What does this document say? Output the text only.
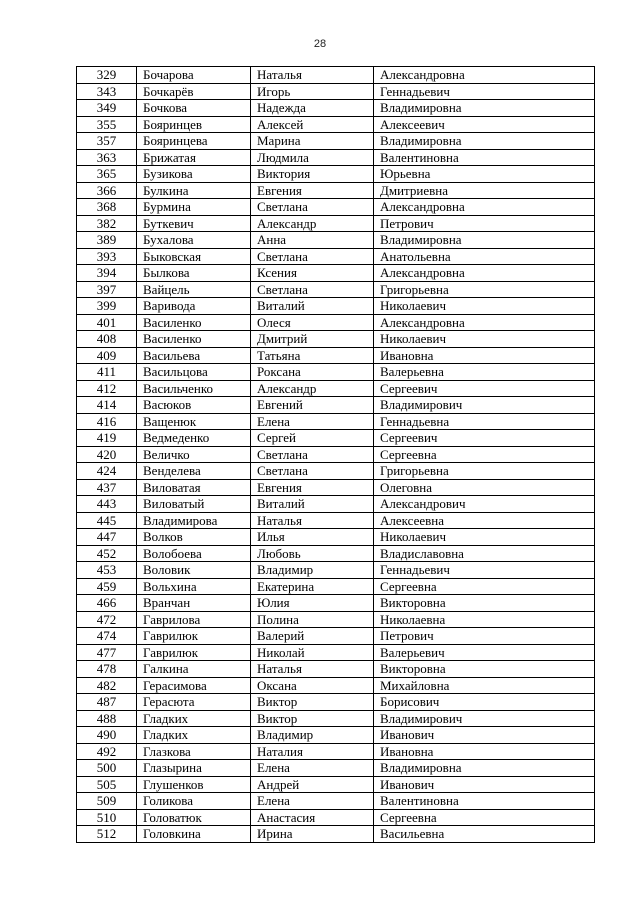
28
329	Бочарова	Наталья	Александровна
343	Бочкарёв	Игорь	Геннадьевич
349	Бочкова	Надежда	Владимировна
355	Бояринцев	Алексей	Алексеевич
357	Бояринцева	Марина	Владимировна
363	Брижатая	Людмила	Валентиновна
365	Бузикова	Виктория	Юрьевна
366	Булкина	Евгения	Дмитриевна
368	Бурмина	Светлана	Александровна
382	Буткевич	Александр	Петрович
389	Бухалова	Анна	Владимировна
393	Быковская	Светлана	Анатольевна
394	Былкова	Ксения	Александровна
397	Вайцель	Светлана	Григорьевна
399	Варивода	Виталий	Николаевич
401	Василенко	Олеся	Александровна
408	Василенко	Дмитрий	Николаевич
409	Васильева	Татьяна	Ивановна
411	Васильцова	Роксана	Валерьевна
412	Васильченко	Александр	Сергеевич
414	Васюков	Евгений	Владимирович
416	Ващенюк	Елена	Геннадьевна
419	Ведмеденко	Сергей	Сергеевич
420	Величко	Светлана	Сергеевна
424	Венделева	Светлана	Григорьевна
437	Виловатая	Евгения	Олеговна
443	Виловатый	Виталий	Александрович
445	Владимирова	Наталья	Алексеевна
447	Волков	Илья	Николаевич
452	Волобоева	Любовь	Владиславовна
453	Воловик	Владимир	Геннадьевич
459	Вольхина	Екатерина	Сергеевна
466	Вранчан	Юлия	Викторовна
472	Гаврилова	Полина	Николаевна
474	Гаврилюк	Валерий	Петрович
477	Гаврилюк	Николай	Валерьевич
478	Галкина	Наталья	Викторовна
482	Герасимова	Оксана	Михайловна
487	Герасюта	Виктор	Борисович
488	Гладких	Виктор	Владимирович
490	Гладких	Владимир	Иванович
492	Глазкова	Наталия	Ивановна
500	Глазырина	Елена	Владимировна
505	Глушенков	Андрей	Иванович
509	Голикова	Елена	Валентиновна
510	Головатюк	Анастасия	Сергеевна
512	Головкина	Ирина	Васильевна
